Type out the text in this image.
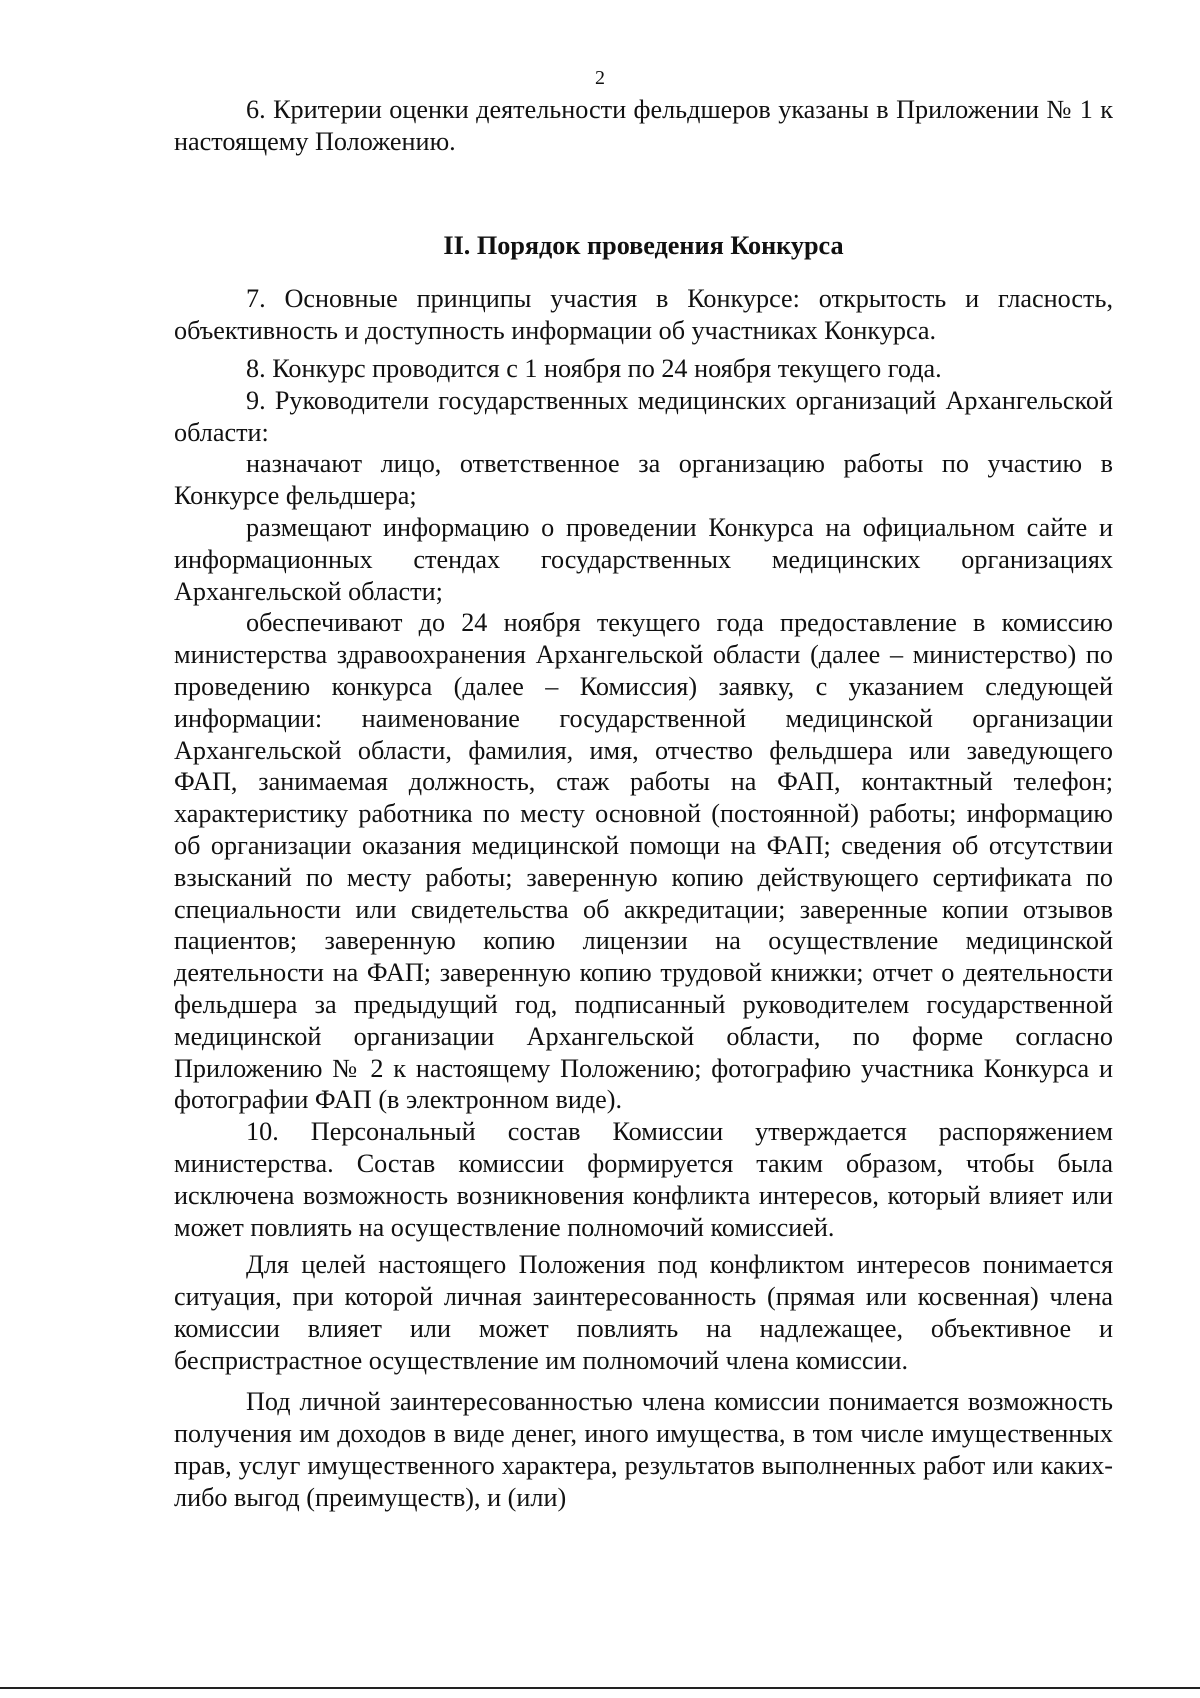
2

6. Критерии оценки деятельности фельдшеров указаны в Приложении № 1 к настоящему Положению.

II. Порядок проведения Конкурса

7. Основные принципы участия в Конкурсе: открытость и гласность, объективность и доступность информации об участниках Конкурса.

8. Конкурс проводится с 1 ноября по 24 ноября текущего года.

9. Руководители государственных медицинских организаций Архангельской области:

назначают лицо, ответственное за организацию работы по участию в Конкурсе фельдшера;

размещают информацию о проведении Конкурса на официальном сайте и информационных стендах государственных медицинских организациях Архангельской области;

обеспечивают до 24 ноября текущего года предоставление в комиссию министерства здравоохранения Архангельской области (далее – министерство) по проведению конкурса (далее – Комиссия) заявку, с указанием следующей информации: наименование государственной медицинской организации Архангельской области, фамилия, имя, отчество фельдшера или заведующего ФАП, занимаемая должность, стаж работы на ФАП, контактный телефон; характеристику работника по месту основной (постоянной) работы; информацию об организации оказания медицинской помощи на ФАП; сведения об отсутствии взысканий по месту работы; заверенную копию действующего сертификата по специальности или свидетельства об аккредитации; заверенные копии отзывов пациентов; заверенную копию лицензии на осуществление медицинской деятельности на ФАП; заверенную копию трудовой книжки; отчет о деятельности фельдшера за предыдущий год, подписанный руководителем государственной медицинской организации Архангельской области, по форме согласно Приложению № 2 к настоящему Положению; фотографию участника Конкурса и фотографии ФАП (в электронном виде).

10. Персональный состав Комиссии утверждается распоряжением министерства. Состав комиссии формируется таким образом, чтобы была исключена возможность возникновения конфликта интересов, который влияет или может повлиять на осуществление полномочий комиссией.

Для целей настоящего Положения под конфликтом интересов понимается ситуация, при которой личная заинтересованность (прямая или косвенная) члена комиссии влияет или может повлиять на надлежащее, объективное и беспристрастное осуществление им полномочий члена комиссии.

Под личной заинтересованностью члена комиссии понимается возможность получения им доходов в виде денег, иного имущества, в том числе имущественных прав, услуг имущественного характера, результатов выполненных работ или каких-либо выгод (преимуществ), и (или)
